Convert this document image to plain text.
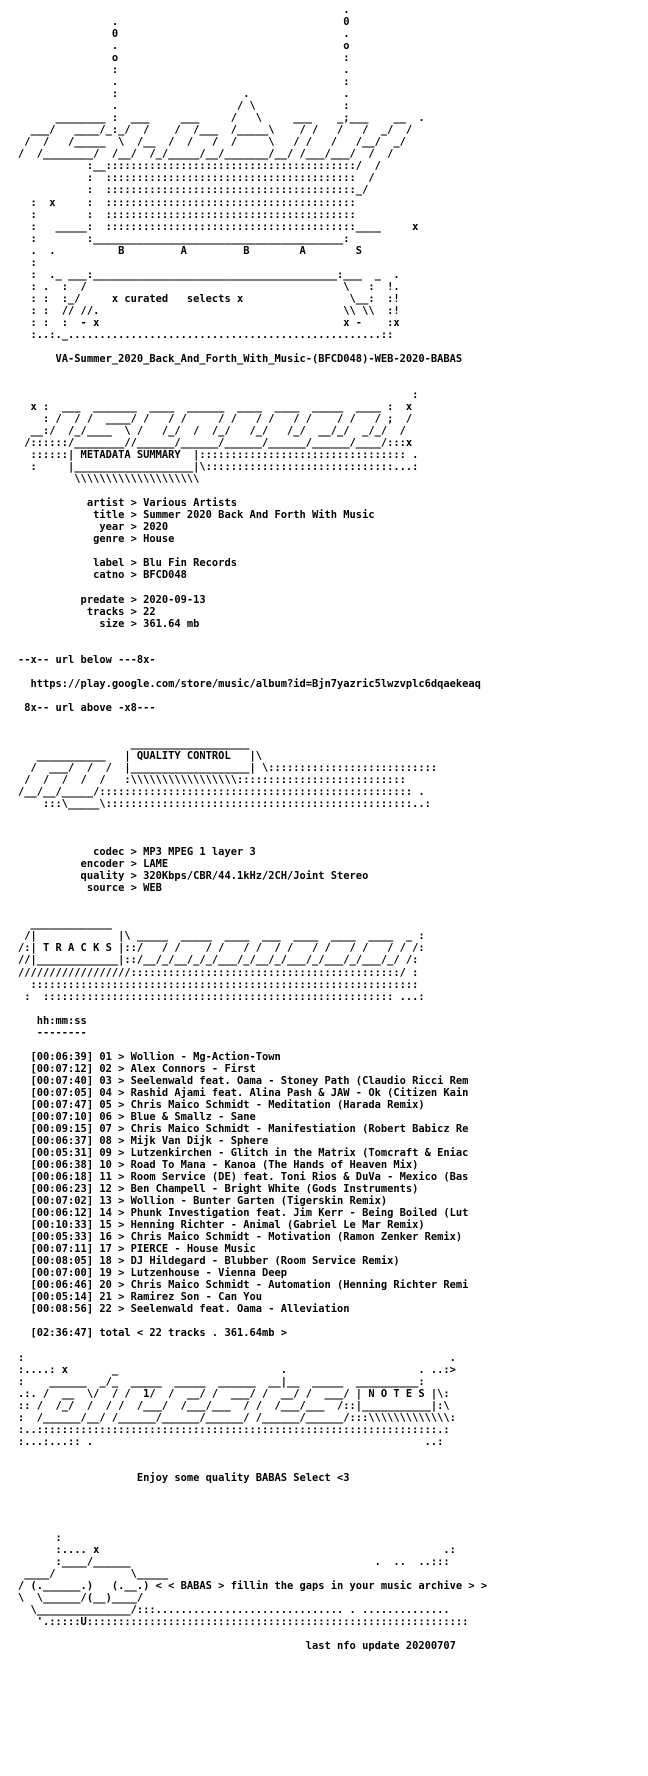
.
.                                    0
0                                    .
.                                    o
o                                    :
:                                    .
.                                    :
:                    .               .
.                   / \              :
________ :  ___     ___     /   \     ___    _;___    __  .
___/   ____/_:_/  /    /  /___  /_____\    / /   /   /  _/  /
/  /   /_____  \  /__  /  /   /  /     \   / /   /   /__/  _/
/  /________/  /__/  /_/_____/__/_______/__/ /___/___/  /  /
:__::::::::::::::::::::::::::::::::::::::::/  /
:  ::::::::::::::::::::::::::::::::::::::::  /
:  ::::::::::::::::::::::::::::::::::::::::_/
:  x     :  ::::::::::::::::::::::::::::::::::::::::
:        :  ::::::::::::::::::::::::::::::::::::::::
:   _____:  ::::::::::::::::::::::::::::::::::::::::____     x
:        :________________________________________:
.  .          B         A         B        A        S
:
:  ._ ___:_______________________________________:___  _  .
: .  :  /                                         \   :  !.
: :  :_/     x curated   selects x                 \__:  :!
: :  // //.                                       \\ \\  :!
: :  :  - x                                       x -    :x
:..:._..................................................::
VA-Summer_2020_Back_And_Forth_With_Music-(BFCD048)-WEB-2020-BABAS
:
x :  ___  _______  ____  ______  ____  ____  _____  ____ :  x
: /  / /  ____/ /   / /     / /   / /   / /    / /   / ;  /
__:/  /_/____  \ /   /_/  /  /_/   /_/   /_/  __/_/  _/_/  /
/::::::/________//______/______/______/______/______/____/:::x
::::::| METADATA SUMMARY  |::::::::::::::::::::::::::::::::: .
:     |___________________|\::::::::::::::::::::::::::::::...:
\\\\\\\\\\\\\\\\\\\\
artist > Various Artists
title > Summer 2020 Back And Forth With Music
year > 2020
genre > House
label > Blu Fin Records
catno > BFCD048
predate > 2020-09-13
tracks > 22
size > 361.64 mb
--x-- url below ---8x-
https://play.google.com/store/music/album?id=Bjn7yazric5lwzvplc6dqaekeaq
8x-- url above -x8---
___________________
___________   | QUALITY CONTROL   |\
/  ___/  /  /  |___________________| \:::::::::::::::::::::::::::
/  /  /  /  /   :\\\\\\\\\\\\\\\\\:::::::::::::::::::::::::::
/__/__/_____/:::::::::::::::::::::::::::::::::::::::::::::::::: .
:::\_____\:::::::::::::::::::::::::::::::::::::::::::::::::..:
codec > MP3 MPEG 1 layer 3
encoder > LAME
quality > 320Kbps/CBR/44.1kHz/2CH/Joint Stereo
source > WEB
_____________
/|             |\ _____  _____  ____  ___  ____  ____  ____  _ :
/:| T R A C K S |::/   / /    / /   / /  / /   / /   / /   / / /:
//|_____________|::/__/_/__/_/_/___/_/__/_/___/_/___/_/___/_/ /:
//////////////////:::::::::::::::::::::::::::::::::::::::::::/ :
::::::::::::::::::::::::::::::::::::::::::::::::::::::::::::::
:  :::::::::::::::::::::::::::::::::::::::::::::::::::::::: ...:
hh:mm:ss
--------
[00:06:39] 01 > Wollion - Mg-Action-Town
[00:07:12] 02 > Alex Connors - First
[00:07:40] 03 > Seelenwald feat. Oama - Stoney Path (Claudio Ricci Rem
[00:07:05] 04 > Rashid Ajami feat. Alina Pash & JAW - Ok (Citizen Kain
[00:07:47] 05 > Chris Maico Schmidt - Meditation (Harada Remix)
[00:07:10] 06 > Blue & Smallz - Sane
[00:09:15] 07 > Chris Maico Schmidt - Manifestiation (Robert Babicz Re
[00:06:37] 08 > Mijk Van Dijk - Sphere
[00:05:31] 09 > Lutzenkirchen - Glitch in the Matrix (Tomcraft & Eniac
[00:06:38] 10 > Road To Mana - Kanoa (The Hands of Heaven Mix)
[00:06:18] 11 > Room Service (DE) feat. Toni Rios & DuVa - Mexico (Bas
[00:06:23] 12 > Ben Champell - Bright White (Gods Instruments)
[00:07:02] 13 > Wollion - Bunter Garten (Tigerskin Remix)
[00:06:12] 14 > Phunk Investigation feat. Jim Kerr - Being Boiled (Lut
[00:10:33] 15 > Henning Richter - Animal (Gabriel Le Mar Remix)
[00:05:33] 16 > Chris Maico Schmidt - Motivation (Ramon Zenker Remix)
[00:07:11] 17 > PIERCE - House Music
[00:08:05] 18 > DJ Hildegard - Blubber (Room Service Remix)
[00:07:00] 19 > Lutzenhouse - Vienna Deep
[00:06:46] 20 > Chris Maico Schmidt - Automation (Henning Richter Remi
[00:05:14] 21 > Ramirez Son - Can You
[00:08:56] 22 > Seelenwald feat. Oama - Alleviation
[02:36:47] total < 22 tracks . 361.64mb >
:                                                                    .
:....: x       _                          .                     . ..:>
:    ______  _/_  _____  _____  ______  __|__  _____  __________:
.:. /  __  \/  / /  1/  /  __/ /  ___/ /  __/ /  ___/ | N O T E S |\:
:: /  /_/  /  / /  /___/  /___/___  / /  /___/___  /::|___________|:\
:  /______/__/ /______/______/______/ /______/______/:::\\\\\\\\\\\\\:
:..::::::::::::::::::::::::::::::::::::::::::::::::::::::::::::::::.:
:...:...:: .                                                     ..:
Enjoy some quality BABAS Select <3
:
:.... x                                                       .:
:____/______                                       .  ..  ..:::
____/            \_____
/ (.______.)   (.__.) < < BABAS > fillin the gaps in your music archive > >
\  \______/(__)____/
\_______________/:::.............................. . ..............
'.:::::U:::::::::::::::::::::::::::::::::::::::::::::::::::::::::::::
last nfo update 20200707
